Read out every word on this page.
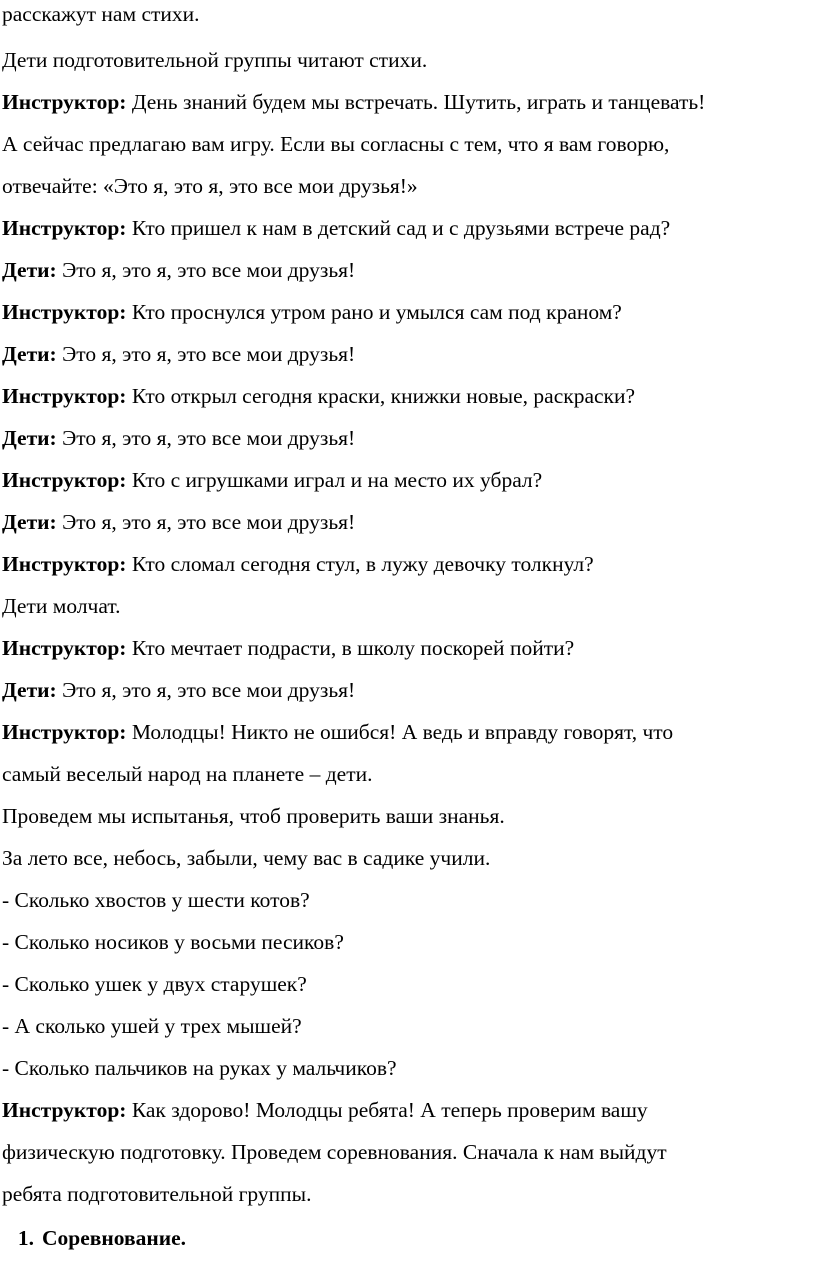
расскажут нам стихи.
Дети подготовительной группы читают стихи.
Инструктор: День знаний будем мы встречать. Шутить, играть и танцевать!
А сейчас предлагаю вам игру. Если вы согласны с тем, что я вам говорю,
отвечайте: «Это я, это я, это все мои друзья!»
Инструктор: Кто пришел к нам в детский сад и с друзьями встрече рад?
Дети: Это я, это я, это все мои друзья!
Инструктор: Кто проснулся утром рано и умылся сам под краном?
Дети: Это я, это я, это все мои друзья!
Инструктор: Кто открыл сегодня краски, книжки новые, раскраски?
Дети: Это я, это я, это все мои друзья!
Инструктор: Кто с игрушками играл и на место их убрал?
Дети: Это я, это я, это все мои друзья!
Инструктор: Кто сломал сегодня стул, в лужу девочку толкнул?
Дети молчат.
Инструктор: Кто мечтает подрасти, в школу поскорей пойти?
Дети: Это я, это я, это все мои друзья!
Инструктор: Молодцы! Никто не ошибся! А ведь и вправду говорят, что
самый веселый народ на планете – дети.
Проведем мы испытанья, чтоб проверить ваши знанья.
За лето все, небось, забыли, чему вас в садике учили.
- Сколько хвостов у шести котов?
- Сколько носиков у восьми песиков?
- Сколько ушек у двух старушек?
- А сколько ушей у трех мышей?
- Сколько пальчиков на руках у мальчиков?
Инструктор: Как здорово! Молодцы ребята! А теперь проверим вашу
физическую подготовку. Проведем соревнования. Сначала к нам выйдут
ребята подготовительной группы.
1. Соревнование.
